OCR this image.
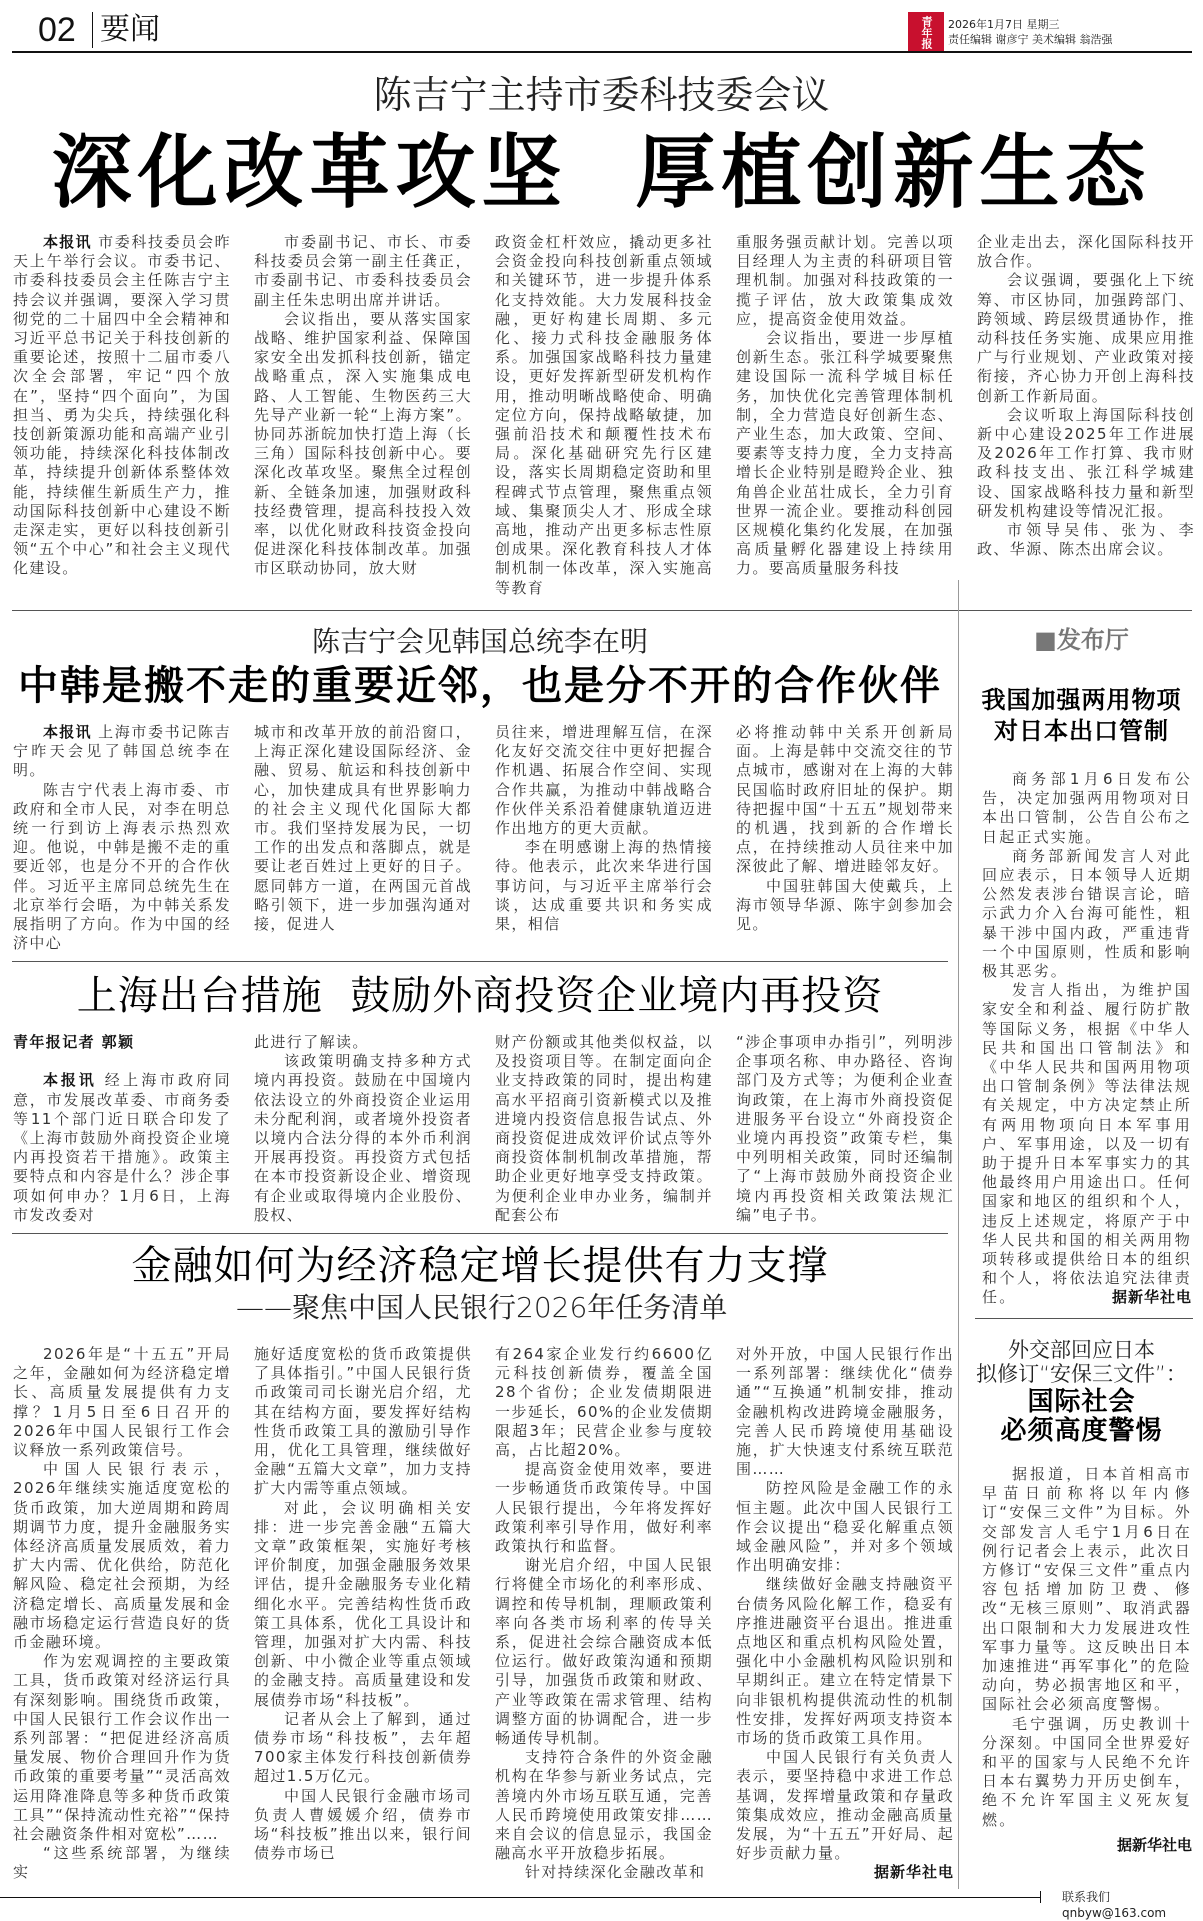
02 要闻	青年报	2026年1月7日 星期三
责任编辑 谢彦宁 美术编辑 翁浩强
陈吉宁主持市委科技委会议
深化改革攻坚  厚植创新生态

本报讯 市委科技委员会昨天上午举行会议。市委书记、市委科技委员会主任陈吉宁主持会议并强调，要深入学习贯彻党的二十届四中全会精神和习近平总书记关于科技创新的重要论述，按照十二届市委八次全会部署，牢记“四个放在”，坚持“四个面向”，为国担当、勇为尖兵，持续强化科技创新策源功能和高端产业引领功能，持续深化科技体制改革，持续提升创新体系整体效能，持续催生新质生产力，推动国际科技创新中心建设不断走深走实，更好以科技创新引领“五个中心”和社会主义现代化建设。

市委副书记、市长、市委科技委员会第一副主任龚正，市委副书记、市委科技委员会副主任朱忠明出席并讲话。

会议指出，要从落实国家战略、维护国家利益、保障国家安全出发抓科技创新，锚定战略重点，深入实施集成电路、人工智能、生物医药三大先导产业新一轮“上海方案”。协同苏浙皖加快打造上海（长三角）国际科技创新中心。要深化改革攻坚。聚焦全过程创新、全链条加速，加强财政科技经费管理，提高科技投入效率，以优化财政科技资金投向促进深化科技体制改革。加强市区联动协同，放大财

政资金杠杆效应，撬动更多社会资金投向科技创新重点领域和关键环节，进一步提升体系化支持效能。大力发展科技金融，更好构建长周期、多元化、接力式科技金融服务体系。加强国家战略科技力量建设，更好发挥新型研发机构作用，推动明晰战略使命、明确定位方向，保持战略敏捷，加强前沿技术和颠覆性技术布局。深化基础研究先行区建设，落实长周期稳定资助和里程碑式节点管理，聚焦重点领域、集聚顶尖人才、形成全球高地，推动产出更多标志性原创成果。深化教育科技人才体制机制一体改革，深入实施高等教育

重服务强贡献计划。完善以项目经理人为主责的科研项目管理机制。加强对科技政策的一揽子评估，放大政策集成效应，提高资金使用效益。

会议指出，要进一步厚植创新生态。张江科学城要聚焦建设国际一流科学城目标任务，加快优化完善管理体制机制，全力营造良好创新生态、产业生态，加大政策、空间、要素等支持力度，全力支持高增长企业特别是瞪羚企业、独角兽企业茁壮成长，全力引育世界一流企业。要推动科创园区规模化集约化发展，在加强高质量孵化器建设上持续用力。要高质量服务科技

企业走出去，深化国际科技开放合作。

会议强调，要强化上下统筹、市区协同，加强跨部门、跨领域、跨层级贯通协作，推动科技任务实施、成果应用推广与行业规划、产业政策对接衔接，齐心协力开创上海科技创新工作新局面。

会议听取上海国际科技创新中心建设2025年工作进展及2026年工作打算、我市财政科技支出、张江科学城建设、国家战略科技力量和新型研发机构建设等情况汇报。

市领导吴伟、张为、李政、华源、陈杰出席会议。

陈吉宁会见韩国总统李在明
中韩是搬不走的重要近邻，也是分不开的合作伙伴

本报讯 上海市委书记陈吉宁昨天会见了韩国总统李在明。

陈吉宁代表上海市委、市政府和全市人民，对李在明总统一行到访上海表示热烈欢迎。他说，中韩是搬不走的重要近邻，也是分不开的合作伙伴。习近平主席同总统先生在北京举行会晤，为中韩关系发展指明了方向。作为中国的经济中心

城市和改革开放的前沿窗口，上海正深化建设国际经济、金融、贸易、航运和科技创新中心，加快建成具有世界影响力的社会主义现代化国际大都市。我们坚持发展为民，一切工作的出发点和落脚点，就是要让老百姓过上更好的日子。愿同韩方一道，在两国元首战略引领下，进一步加强沟通对接，促进人

员往来，增进理解互信，在深化友好交流交往中更好把握合作机遇、拓展合作空间、实现合作共赢，为推动中韩战略合作伙伴关系沿着健康轨道迈进作出地方的更大贡献。

李在明感谢上海的热情接待。他表示，此次来华进行国事访问，与习近平主席举行会谈，达成重要共识和务实成果，相信

必将推动韩中关系开创新局面。上海是韩中交流交往的节点城市，感谢对在上海的大韩民国临时政府旧址的保护。期待把握中国“十五五”规划带来的机遇，找到新的合作增长点，在持续推动人员往来中加深彼此了解、增进睦邻友好。

中国驻韩国大使戴兵，上海市领导华源、陈宇剑参加会见。

上海出台措施  鼓励外商投资企业境内再投资

青年报记者 郭颖

本报讯 经上海市政府同意，市发展改革委、市商务委等11个部门近日联合印发了《上海市鼓励外商投资企业境内再投资若干措施》。政策主要特点和内容是什么？涉企事项如何申办？1月6日，上海市发改委对

此进行了解读。

该政策明确支持多种方式境内再投资。鼓励在中国境内依法设立的外商投资企业运用未分配利润，或者境外投资者以境内合法分得的本外币利润开展再投资。再投资方式包括在本市投资新设企业、增资现有企业或取得境内企业股份、股权、

财产份额或其他类似权益，以及投资项目等。在制定面向企业支持政策的同时，提出构建高水平招商引资新模式以及推进境内投资信息报告试点、外商投资促进成效评价试点等外商投资体制机制改革措施，帮助企业更好地享受支持政策。为便利企业申办业务，编制并配套公布

“涉企事项申办指引”，列明涉企事项名称、申办路径、咨询部门及方式等；为便利企业查询政策，在上海市外商投资促进服务平台设立“外商投资企业境内再投资”政策专栏，集中列明相关政策，同时还编制了“上海市鼓励外商投资企业境内再投资相关政策法规汇编”电子书。

金融如何为经济稳定增长提供有力支撑
——聚焦中国人民银行2026年任务清单

2026年是“十五五”开局之年，金融如何为经济稳定增长、高质量发展提供有力支撑？1月5日至6日召开的2026年中国人民银行工作会议释放一系列政策信号。

中国人民银行表示，2026年继续实施适度宽松的货币政策，加大逆周期和跨周期调节力度，提升金融服务实体经济高质量发展质效，着力扩大内需、优化供给，防范化解风险、稳定社会预期，为经济稳定增长、高质量发展和金融市场稳定运行营造良好的货币金融环境。

作为宏观调控的主要政策工具，货币政策对经济运行具有深刻影响。围绕货币政策，中国人民银行工作会议作出一系列部署：“把促进经济高质量发展、物价合理回升作为货币政策的重要考量”“灵活高效运用降准降息等多种货币政策工具”“保持流动性充裕”“保持社会融资条件相对宽松”……

“这些系统部署，为继续实

施好适度宽松的货币政策提供了具体指引。”中国人民银行货币政策司司长谢光启介绍，尤其在结构方面，要发挥好结构性货币政策工具的激励引导作用，优化工具管理，继续做好金融“五篇大文章”，加力支持扩大内需等重点领域。

对此，会议明确相关安排：进一步完善金融“五篇大文章”政策框架，实施好考核评价制度，加强金融服务效果评估，提升金融服务专业化精细化水平。完善结构性货币政策工具体系，优化工具设计和管理，加强对扩大内需、科技创新、中小微企业等重点领域的金融支持。高质量建设和发展债券市场“科技板”。

记者从会上了解到，通过债券市场“科技板”，去年超700家主体发行科技创新债券超过1.5万亿元。

中国人民银行金融市场司负责人曹媛媛介绍，债券市场“科技板”推出以来，银行间债券市场已

有264家企业发行约6600亿元科技创新债券，覆盖全国28个省份；企业发债期限进一步延长，60%的企业发债期限超3年；民营企业参与度较高，占比超20%。

提高资金使用效率，要进一步畅通货币政策传导。中国人民银行提出，今年将发挥好政策利率引导作用，做好利率政策执行和监督。

谢光启介绍，中国人民银行将健全市场化的利率形成、调控和传导机制，理顺政策利率向各类市场利率的传导关系，促进社会综合融资成本低位运行。做好政策沟通和预期引导，加强货币政策和财政、产业等政策在需求管理、结构调整方面的协调配合，进一步畅通传导机制。

支持符合条件的外资金融机构在华参与新业务试点，完善境内外市场互联互通，完善人民币跨境使用政策安排……来自会议的信息显示，我国金融高水平开放稳步拓展。

针对持续深化金融改革和

对外开放，中国人民银行作出一系列部署：继续优化“债券通”“互换通”机制安排，推动金融机构改进跨境金融服务，完善人民币跨境使用基础设施，扩大快速支付系统互联范围……

防控风险是金融工作的永恒主题。此次中国人民银行工作会议提出“稳妥化解重点领域金融风险”，并对多个领域作出明确安排：

继续做好金融支持融资平台债务风险化解工作，稳妥有序推进融资平台退出。推进重点地区和重点机构风险处置，强化中小金融机构风险识别和早期纠正。建立在特定情景下向非银机构提供流动性的机制性安排，发挥好两项支持资本市场的货币政策工具作用。

中国人民银行有关负责人表示，要坚持稳中求进工作总基调，发挥增量政策和存量政策集成效应，推动金融高质量发展，为“十五五”开好局、起好步贡献力量。
据新华社电

■发布厅
我国加强两用物项
对日本出口管制

商务部1月6日发布公告，决定加强两用物项对日本出口管制，公告自公布之日起正式实施。

商务部新闻发言人对此回应表示，日本领导人近期公然发表涉台错误言论，暗示武力介入台海可能性，粗暴干涉中国内政，严重违背一个中国原则，性质和影响极其恶劣。

发言人指出，为维护国家安全和利益、履行防扩散等国际义务，根据《中华人民共和国出口管制法》和《中华人民共和国两用物项出口管制条例》等法律法规有关规定，中方决定禁止所有两用物项向日本军事用户、军事用途，以及一切有助于提升日本军事实力的其他最终用户用途出口。任何国家和地区的组织和个人，违反上述规定，将原产于中华人民共和国的相关两用物项转移或提供给日本的组织和个人，将依法追究法律责任。	据新华社电

外交部回应日本
拟修订“安保三文件”：
国际社会
必须高度警惕

据报道，日本首相高市早苗日前称将以年内修订“安保三文件”为目标。外交部发言人毛宁1月6日在例行记者会上表示，此次日方修订“安保三文件”重点内容包括增加防卫费、修改“无核三原则”、取消武器出口限制和大力发展进攻性军事力量等。这反映出日本加速推进“再军事化”的危险动向，势必损害地区和平，国际社会必须高度警惕。

毛宁强调，历史教训十分深刻。中国同全世界爱好和平的国家与人民绝不允许日本右翼势力开历史倒车，绝不允许军国主义死灰复燃。

据新华社电
联系我们 qnbyw@163.com
